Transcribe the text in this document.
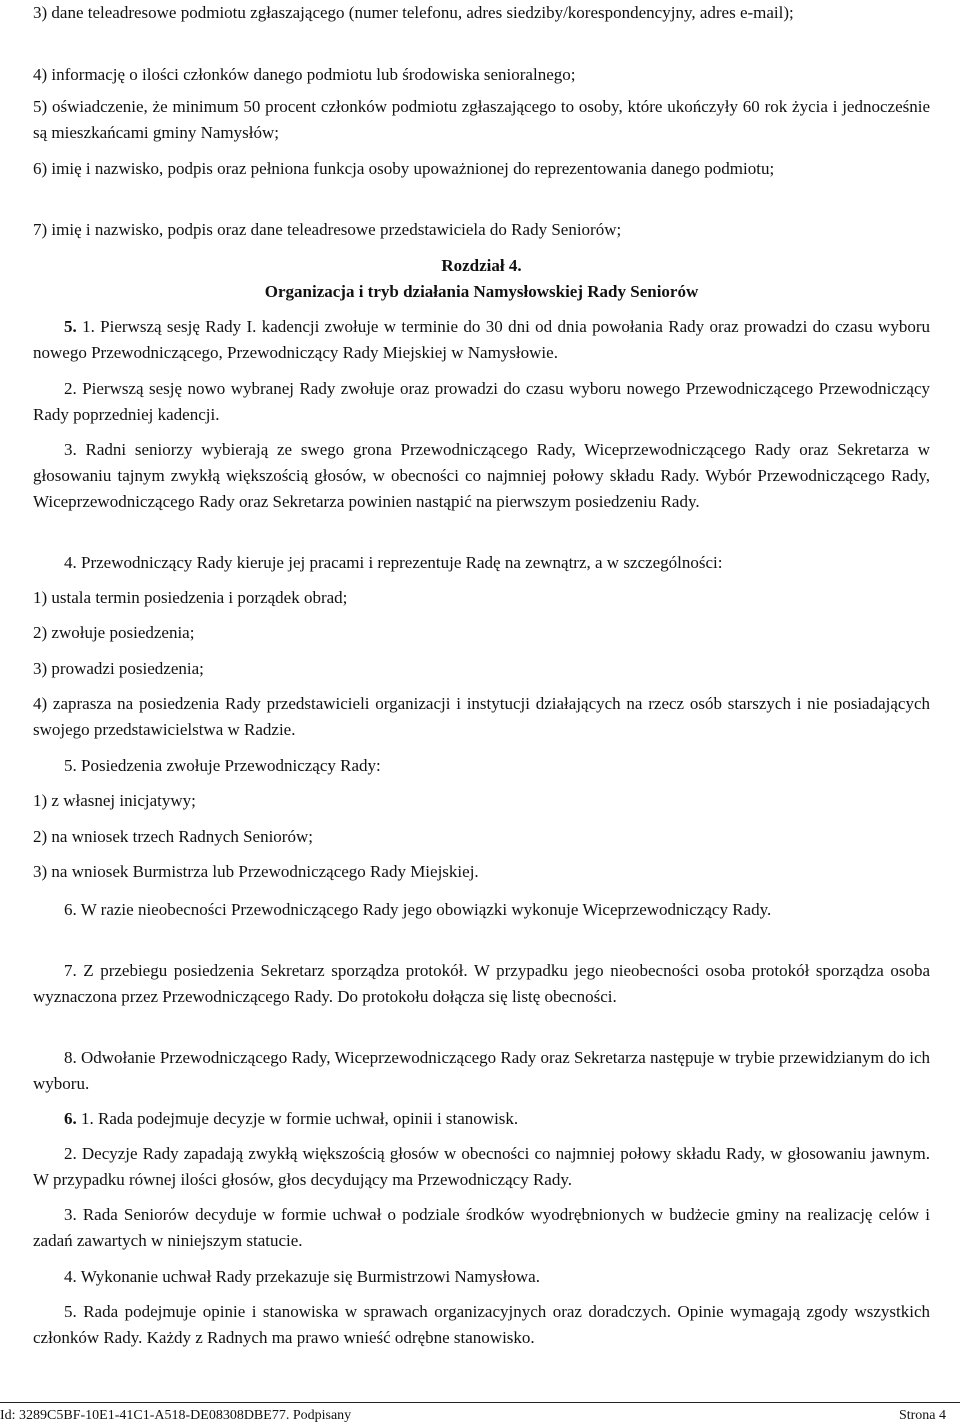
3) dane teleadresowe podmiotu zgłaszającego (numer telefonu, adres siedziby/korespondencyjny, adres e-mail);

4) informację o ilości członków danego podmiotu lub środowiska senioralnego;

5) oświadczenie, że minimum 50 procent członków podmiotu zgłaszającego to osoby, które ukończyły 60 rok życia i jednocześnie są mieszkańcami gminy Namysłów;

6) imię i nazwisko, podpis oraz pełniona funkcja osoby upoważnionej do reprezentowania danego podmiotu;

7) imię i nazwisko, podpis oraz dane teleadresowe przedstawiciela do Rady Seniorów;

Rozdział 4.

Organizacja i tryb działania Namysłowskiej Rady Seniorów

5. 1. Pierwszą sesję Rady I. kadencji zwołuje w terminie do 30 dni od dnia powołania Rady oraz prowadzi do czasu wyboru nowego Przewodniczącego, Przewodniczący Rady Miejskiej w Namysłowie.

2. Pierwszą sesję nowo wybranej Rady zwołuje oraz prowadzi do czasu wyboru nowego Przewodniczącego Przewodniczący Rady poprzedniej kadencji.

3. Radni seniorzy wybierają ze swego grona Przewodniczącego Rady, Wiceprzewodniczącego Rady oraz Sekretarza w głosowaniu tajnym zwykłą większością głosów, w obecności co najmniej połowy składu Rady. Wybór Przewodniczącego Rady, Wiceprzewodniczącego Rady oraz Sekretarza powinien nastąpić na pierwszym posiedzeniu Rady.

4. Przewodniczący Rady kieruje jej pracami i reprezentuje Radę na zewnątrz, a w szczególności:

1) ustala termin posiedzenia i porządek obrad;

2) zwołuje posiedzenia;

3) prowadzi posiedzenia;

4) zaprasza na posiedzenia Rady przedstawicieli organizacji i instytucji działających na rzecz osób starszych i nie posiadających swojego przedstawicielstwa w Radzie.

5. Posiedzenia zwołuje Przewodniczący Rady:

1) z własnej inicjatywy;

2) na wniosek trzech Radnych Seniorów;

3) na wniosek Burmistrza lub Przewodniczącego Rady Miejskiej.

6. W razie nieobecności Przewodniczącego Rady jego obowiązki wykonuje Wiceprzewodniczący Rady.

7. Z przebiegu posiedzenia Sekretarz sporządza protokół. W przypadku jego nieobecności osoba protokół sporządza osoba wyznaczona przez Przewodniczącego Rady. Do protokołu dołącza się listę obecności.

8. Odwołanie Przewodniczącego Rady, Wiceprzewodniczącego Rady oraz Sekretarza następuje w trybie przewidzianym do ich wyboru.

6. 1. Rada podejmuje decyzje w formie uchwał, opinii i stanowisk.

2. Decyzje Rady zapadają zwykłą większością głosów w obecności co najmniej połowy składu Rady, w głosowaniu jawnym. W przypadku równej ilości głosów, głos decydujący ma Przewodniczący Rady.

3. Rada Seniorów decyduje w formie uchwał o podziale środków wyodrębnionych w budżecie gminy na realizację celów i zadań zawartych w niniejszym statucie.

4. Wykonanie uchwał Rady przekazuje się Burmistrzowi Namysłowa.

5. Rada podejmuje opinie i stanowiska w sprawach organizacyjnych oraz doradczych. Opinie wymagają zgody wszystkich członków Rady. Każdy z Radnych ma prawo wnieść odrębne stanowisko.

Id: 3289C5BF-10E1-41C1-A518-DE08308DBE77. Podpisany	Strona 4
